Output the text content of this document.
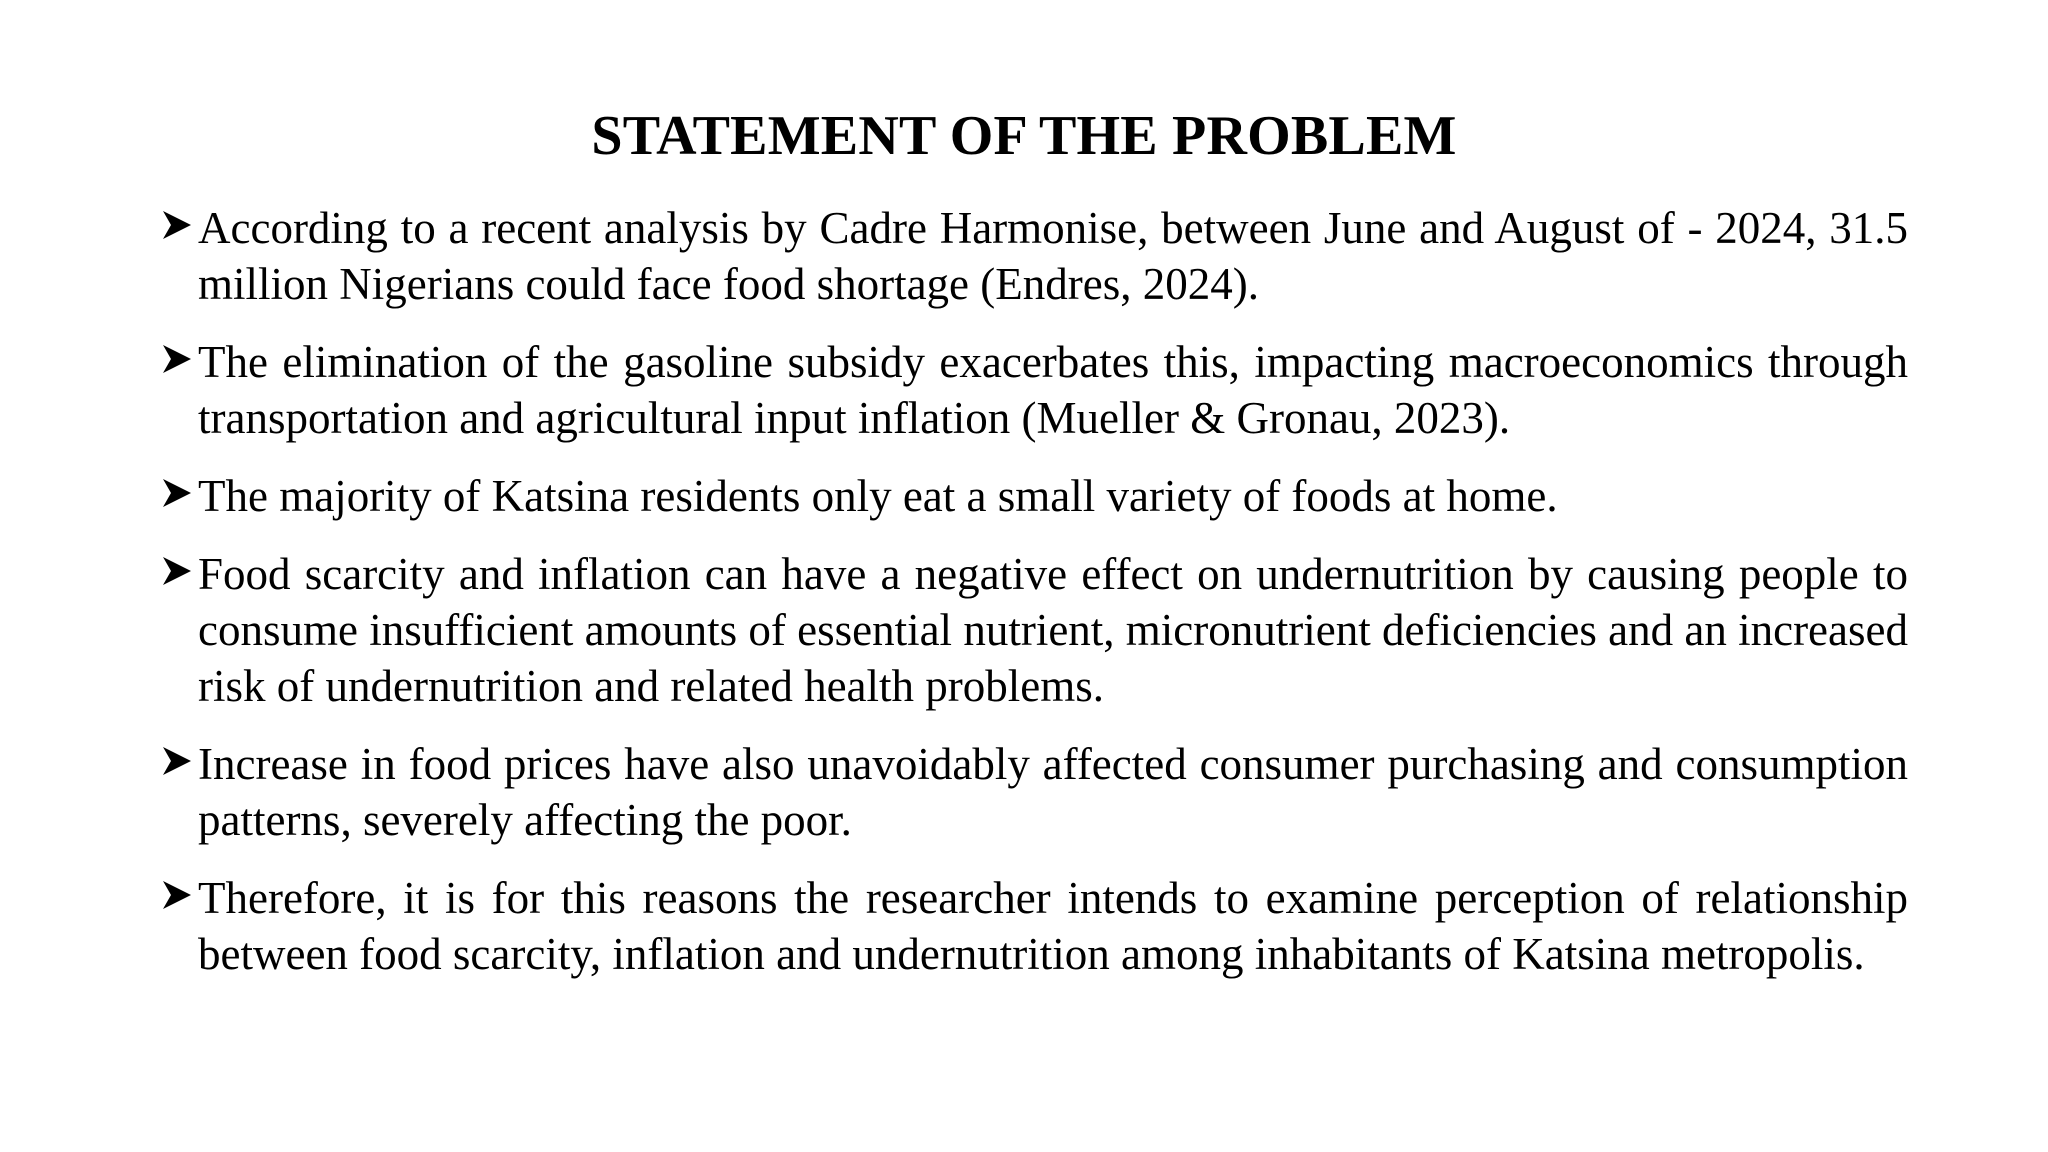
STATEMENT OF THE PROBLEM
According to a recent analysis by Cadre Harmonise, between June and August of - 2024, 31.5 million Nigerians could face food shortage (Endres, 2024).
The elimination of the gasoline subsidy exacerbates this, impacting macroeconomics through transportation and agricultural input inflation (Mueller & Gronau, 2023).
The majority of Katsina residents only eat a small variety of foods at home.
Food scarcity and inflation can have a negative effect on undernutrition by causing people to consume insufficient amounts of essential nutrient, micronutrient deficiencies and an increased risk of undernutrition and related health problems.
Increase in food prices have also unavoidably affected consumer purchasing and consumption patterns, severely affecting the poor.
Therefore, it is for this reasons the researcher intends to examine perception of relationship between food scarcity, inflation and undernutrition among inhabitants of Katsina metropolis.
